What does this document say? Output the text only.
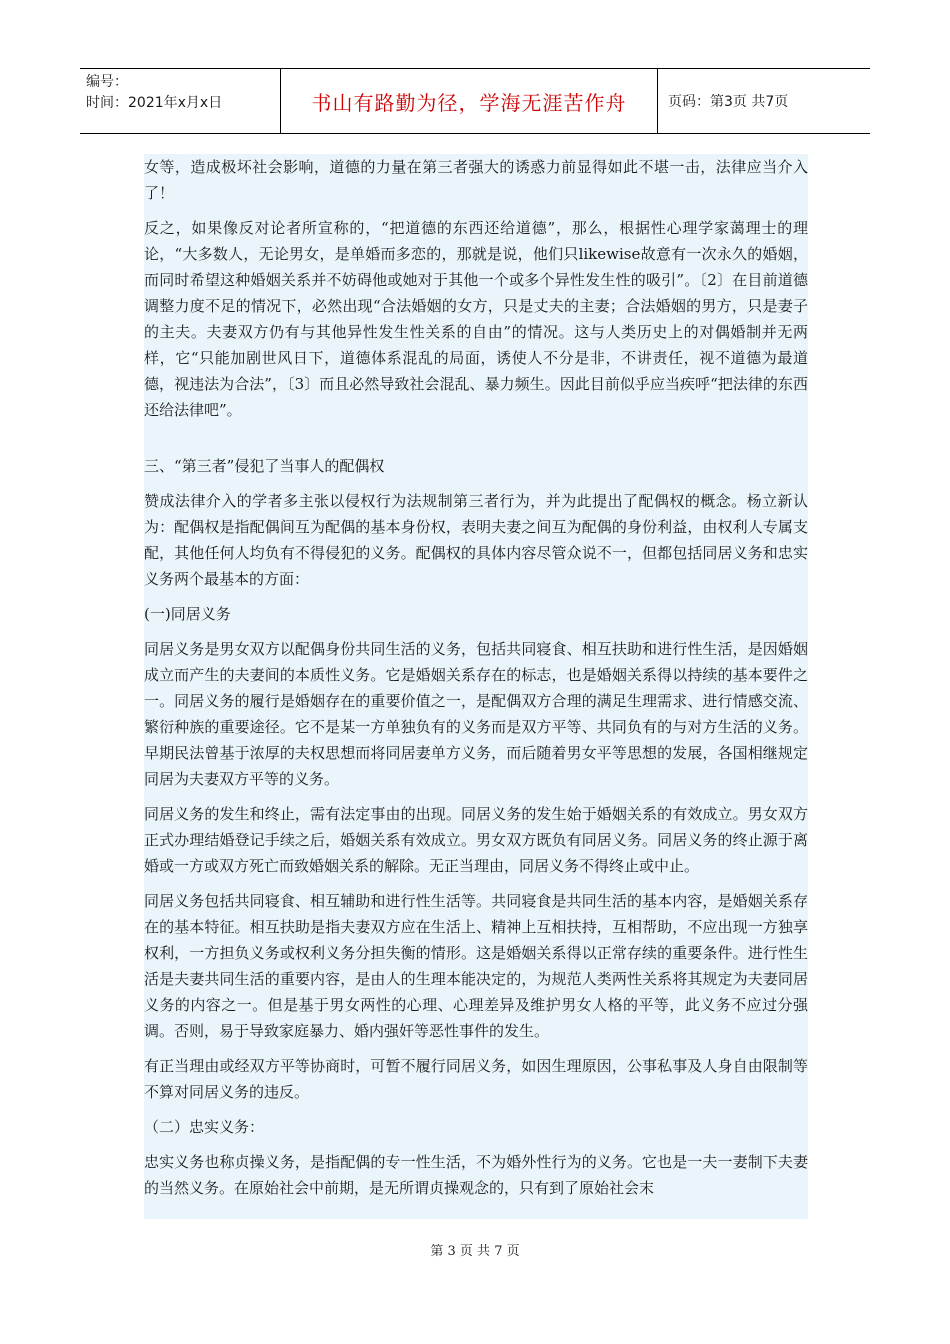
编号：
时间：2021年x月x日	书山有路勤为径，学海无涯苦作舟	页码：第3页 共7页

女等，造成极坏社会影响，道德的力量在第三者强大的诱惑力前显得如此不堪一击，法律应当介入了！

反之，如果像反对论者所宣称的，“把道德的东西还给道德”，那么，根据性心理学家蔼理士的理论，“大多数人，无论男女，是单婚而多恋的，那就是说，他们只likewise故意有一次永久的婚姻，而同时希望这种婚姻关系并不妨碍他或她对于其他一个或多个异性发生性的吸引”。〔2〕在目前道德调整力度不足的情况下，必然出现“合法婚姻的女方，只是丈夫的主妻；合法婚姻的男方，只是妻子的主夫。夫妻双方仍有与其他异性发生性关系的自由”的情况。这与人类历史上的对偶婚制并无两样，它“只能加剧世风日下，道德体系混乱的局面，诱使人不分是非，不讲责任，视不道德为最道德，视违法为合法”，〔3〕而且必然导致社会混乱、暴力频生。因此目前似乎应当疾呼“把法律的东西还给法律吧”。

三、“第三者”侵犯了当事人的配偶权

赞成法律介入的学者多主张以侵权行为法规制第三者行为，并为此提出了配偶权的概念。杨立新认为：配偶权是指配偶间互为配偶的基本身份权，表明夫妻之间互为配偶的身份利益，由权利人专属支配，其他任何人均负有不得侵犯的义务。配偶权的具体内容尽管众说不一，但都包括同居义务和忠实义务两个最基本的方面：

(一)同居义务

同居义务是男女双方以配偶身份共同生活的义务，包括共同寝食、相互扶助和进行性生活，是因婚姻成立而产生的夫妻间的本质性义务。它是婚姻关系存在的标志，也是婚姻关系得以持续的基本要件之一。同居义务的履行是婚姻存在的重要价值之一，是配偶双方合理的满足生理需求、进行情感交流、繁衍种族的重要途径。它不是某一方单独负有的义务而是双方平等、共同负有的与对方生活的义务。早期民法曾基于浓厚的夫权思想而将同居妻单方义务，而后随着男女平等思想的发展，各国相继规定同居为夫妻双方平等的义务。

同居义务的发生和终止，需有法定事由的出现。同居义务的发生始于婚姻关系的有效成立。男女双方正式办理结婚登记手续之后，婚姻关系有效成立。男女双方既负有同居义务。同居义务的终止源于离婚或一方或双方死亡而致婚姻关系的解除。无正当理由，同居义务不得终止或中止。

同居义务包括共同寝食、相互辅助和进行性生活等。共同寝食是共同生活的基本内容，是婚姻关系存在的基本特征。相互扶助是指夫妻双方应在生活上、精神上互相扶持，互相帮助，不应出现一方独享权利，一方担负义务或权利义务分担失衡的情形。这是婚姻关系得以正常存续的重要条件。进行性生活是夫妻共同生活的重要内容，是由人的生理本能决定的，为规范人类两性关系将其规定为夫妻同居义务的内容之一。但是基于男女两性的心理、心理差异及维护男女人格的平等，此义务不应过分强调。否则，易于导致家庭暴力、婚内强奸等恶性事件的发生。

有正当理由或经双方平等协商时，可暂不履行同居义务，如因生理原因，公事私事及人身自由限制等不算对同居义务的违反。

（二）忠实义务：

忠实义务也称贞操义务，是指配偶的专一性生活，不为婚外性行为的义务。它也是一夫一妻制下夫妻的当然义务。在原始社会中前期，是无所谓贞操观念的，只有到了原始社会末

第 3 页 共 7 页
